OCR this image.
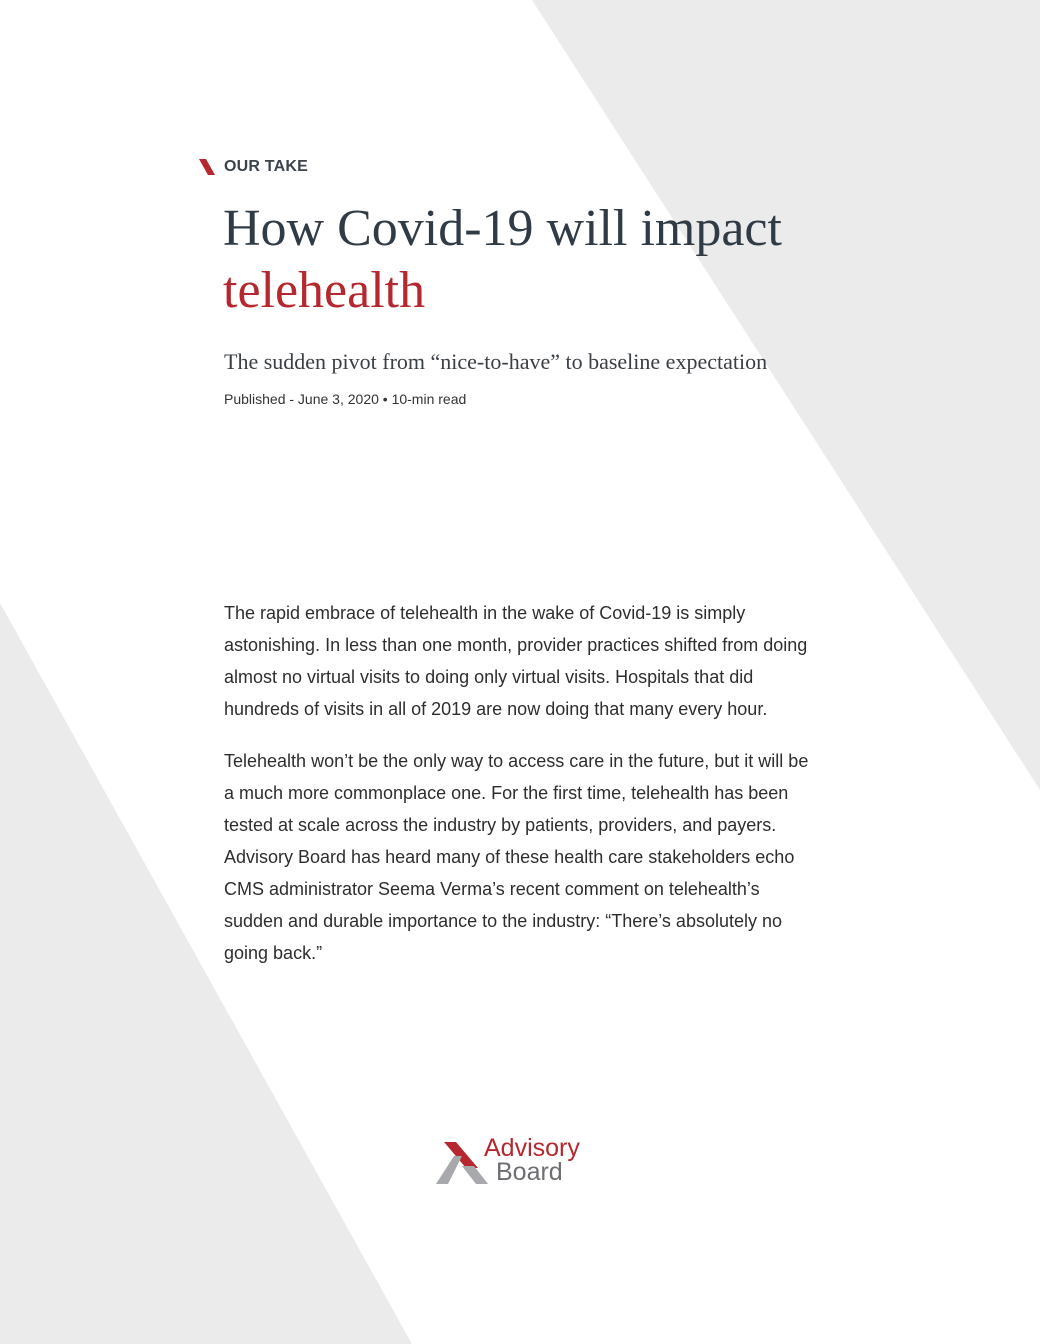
OUR TAKE
How Covid-19 will impact
telehealth
The sudden pivot from “nice-to-have” to baseline expectation
Published - June 3, 2020 • 10-min read

The rapid embrace of telehealth in the wake of Covid-19 is simply astonishing. In less than one month, provider practices shifted from doing almost no virtual visits to doing only virtual visits. Hospitals that did hundreds of visits in all of 2019 are now doing that many every hour.

Telehealth won’t be the only way to access care in the future, but it will be a much more commonplace one. For the first time, telehealth has been tested at scale across the industry by patients, providers, and payers. Advisory Board has heard many of these health care stakeholders echo CMS administrator Seema Verma’s recent comment on telehealth’s sudden and durable importance to the industry: “There’s absolutely no going back.”

Advisory
Board
